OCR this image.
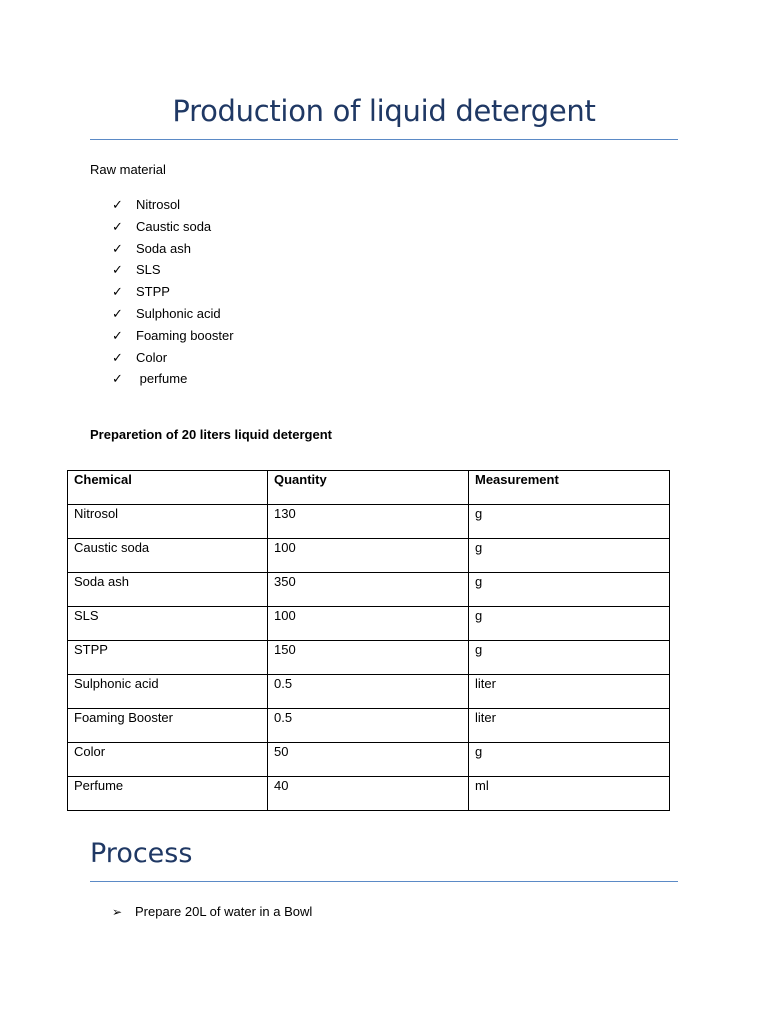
Production of liquid detergent
Raw material
✓ Nitrosol
✓ Caustic soda
✓ Soda ash
✓ SLS
✓ STPP
✓ Sulphonic acid
✓ Foaming booster
✓ Color
✓ perfume
Preparetion of 20 liters liquid detergent
Chemical	Quantity	Measurement
Nitrosol	130	g
Caustic soda	100	g
Soda ash	350	g
SLS	100	g
STPP	150	g
Sulphonic acid	0.5	liter
Foaming Booster	0.5	liter
Color	50	g
Perfume	40	ml
Process
➢ Prepare 20L of water in a Bowl
